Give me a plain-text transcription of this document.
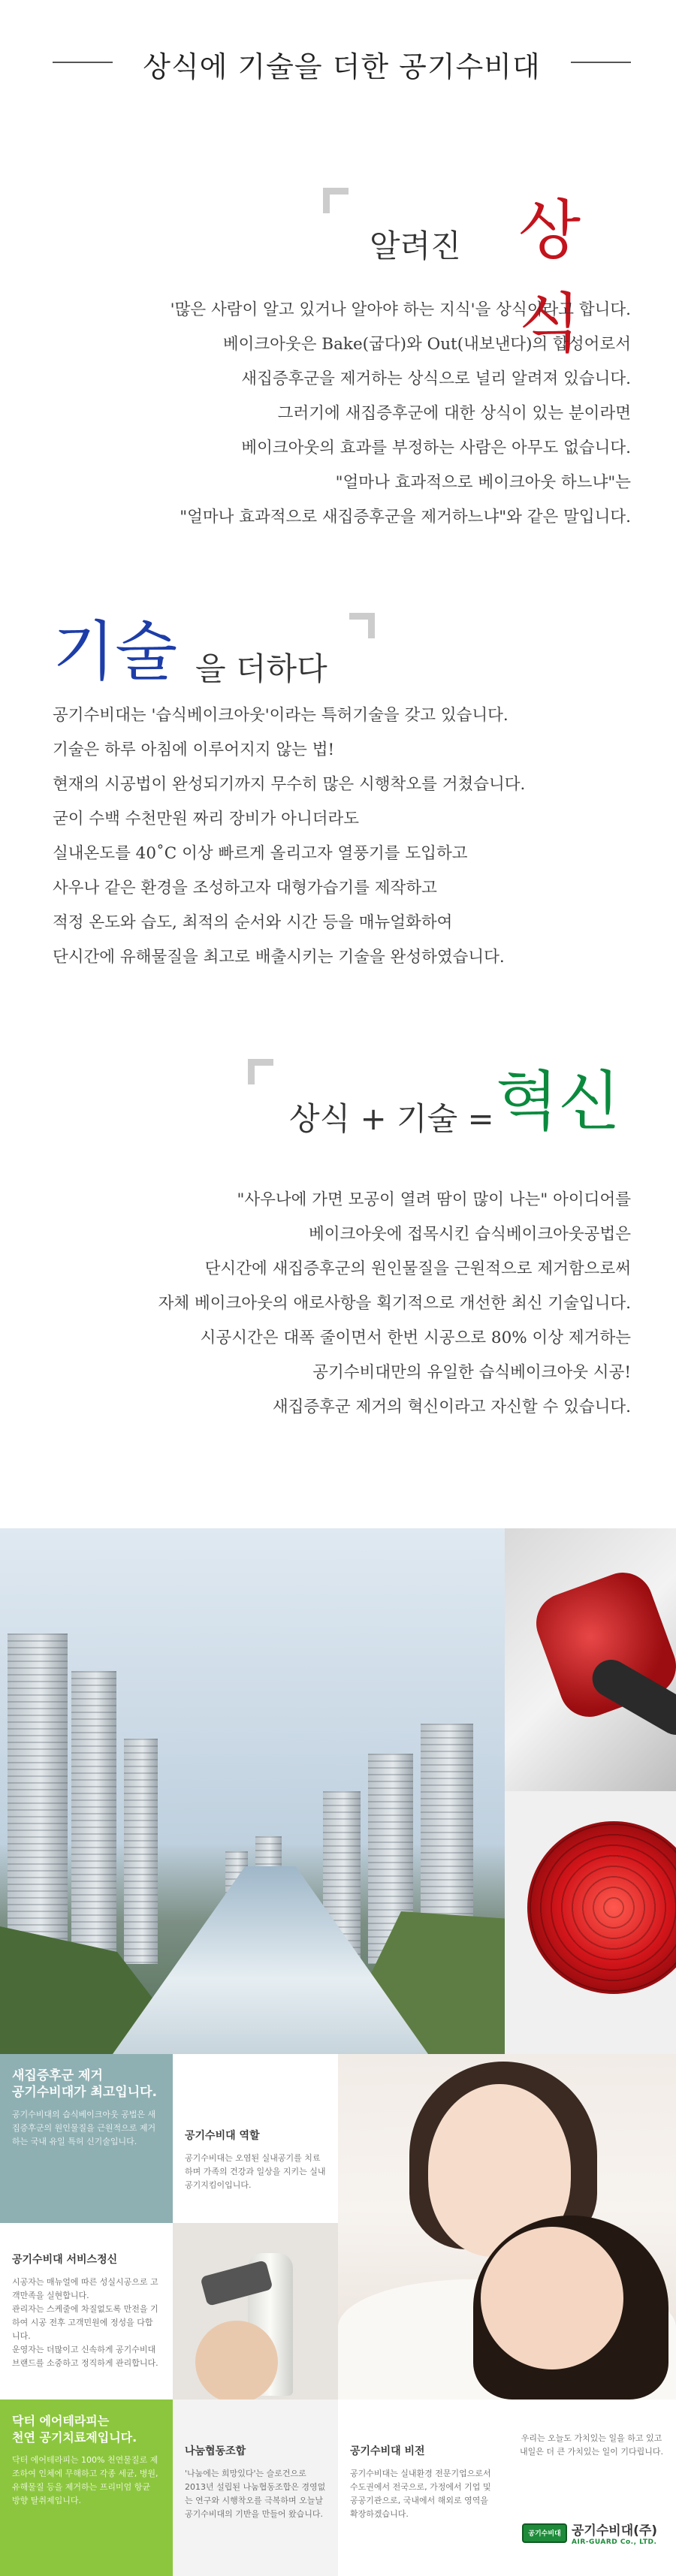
상식에 기술을 더한 공기수비대
알려진 상식

'많은 사람이 알고 있거나 알아야 하는 지식'을 상식이라고 합니다.

베이크아웃은 Bake(굽다)와 Out(내보낸다)의 합성어로서

새집증후군을 제거하는 상식으로 널리 알려져 있습니다.

그러기에 새집증후군에 대한 상식이 있는 분이라면

베이크아웃의 효과를 부정하는 사람은 아무도 없습니다.

"얼마나 효과적으로 베이크아웃 하느냐"는

"얼마나 효과적으로 새집증후군을 제거하느냐"와 같은 말입니다.

기술 을 더하다

공기수비대는 '습식베이크아웃'이라는 특허기술을 갖고 있습니다.

기술은 하루 아침에 이루어지지 않는 법!

현재의 시공법이 완성되기까지 무수히 많은 시행착오를 거쳤습니다.

굳이 수백 수천만원 짜리 장비가 아니더라도

실내온도를 40˚C 이상 빠르게 올리고자 열풍기를 도입하고

사우나 같은 환경을 조성하고자 대형가습기를 제작하고

적정 온도와 습도, 최적의 순서와 시간 등을 매뉴얼화하여

단시간에 유해물질을 최고로 배출시키는 기술을 완성하였습니다.

상식 + 기술 = 혁신

"사우나에 가면 모공이 열려 땀이 많이 나는" 아이디어를

베이크아웃에 접목시킨 습식베이크아웃공법은

단시간에 새집증후군의 원인물질을 근원적으로 제거함으로써

자체 베이크아웃의 애로사항을 획기적으로 개선한 최신 기술입니다.

시공시간은 대폭 줄이면서 한번 시공으로 80% 이상 제거하는

공기수비대만의 유일한 습식베이크아웃 시공!

새집증후군 제거의 혁신이라고 자신할 수 있습니다.

새집증후군 제거
공기수비대가 최고입니다.
공기수비대의 습식베이크아웃 공법은 새집증후군의 원인물질을 근원적으로 제거하는 국내 유일 특허 신기술입니다.	공기수비대 역할
공기수비대는 오염된 실내공기를 치료하며 가족의 건강과 일상을 지키는 실내공기지킴이입니다.
공기수비대 서비스정신
시공자는 매뉴얼에 따른 성실시공으로 고객만족을 실현합니다.
관리자는 스케줄에 차질없도록 만전을 기하여 시공 전후 고객민원에 정성을 다합니다.
운영자는 더많이고 신속하게 공기수비대 브랜드를 소중하고 정직하게 관리합니다.
닥터 에어테라피는
천연 공기치료제입니다.
닥터 에어테라피는 100% 천연물질로 제조하여 인체에 무해하고 각종 세균, 병원, 유해물질 등을 제거하는 프리미엄 항균 방향 탈취제입니다.
나눔협동조합
'나눔에는 희망있다'는 슬로건으로 2013년 설립된 나눔협동조합은 경영없는 연구와 시행착오를 극복하며 오늘날 공기수비대의 기반을 만들어 왔습니다.
공기수비대 비전
공기수비대는 실내환경 전문기업으로서 수도권에서 전국으로, 가정에서 기업 및 공공기관으로, 국내에서 해외로 영역을 확장하겠습니다.
우리는 오늘도 가치있는 일을 하고 있고 내일은 더 큰 가치있는 일이 기다립니다.
공기수비대 공기수비대(주)
AIR-GUARD Co., LTD.
